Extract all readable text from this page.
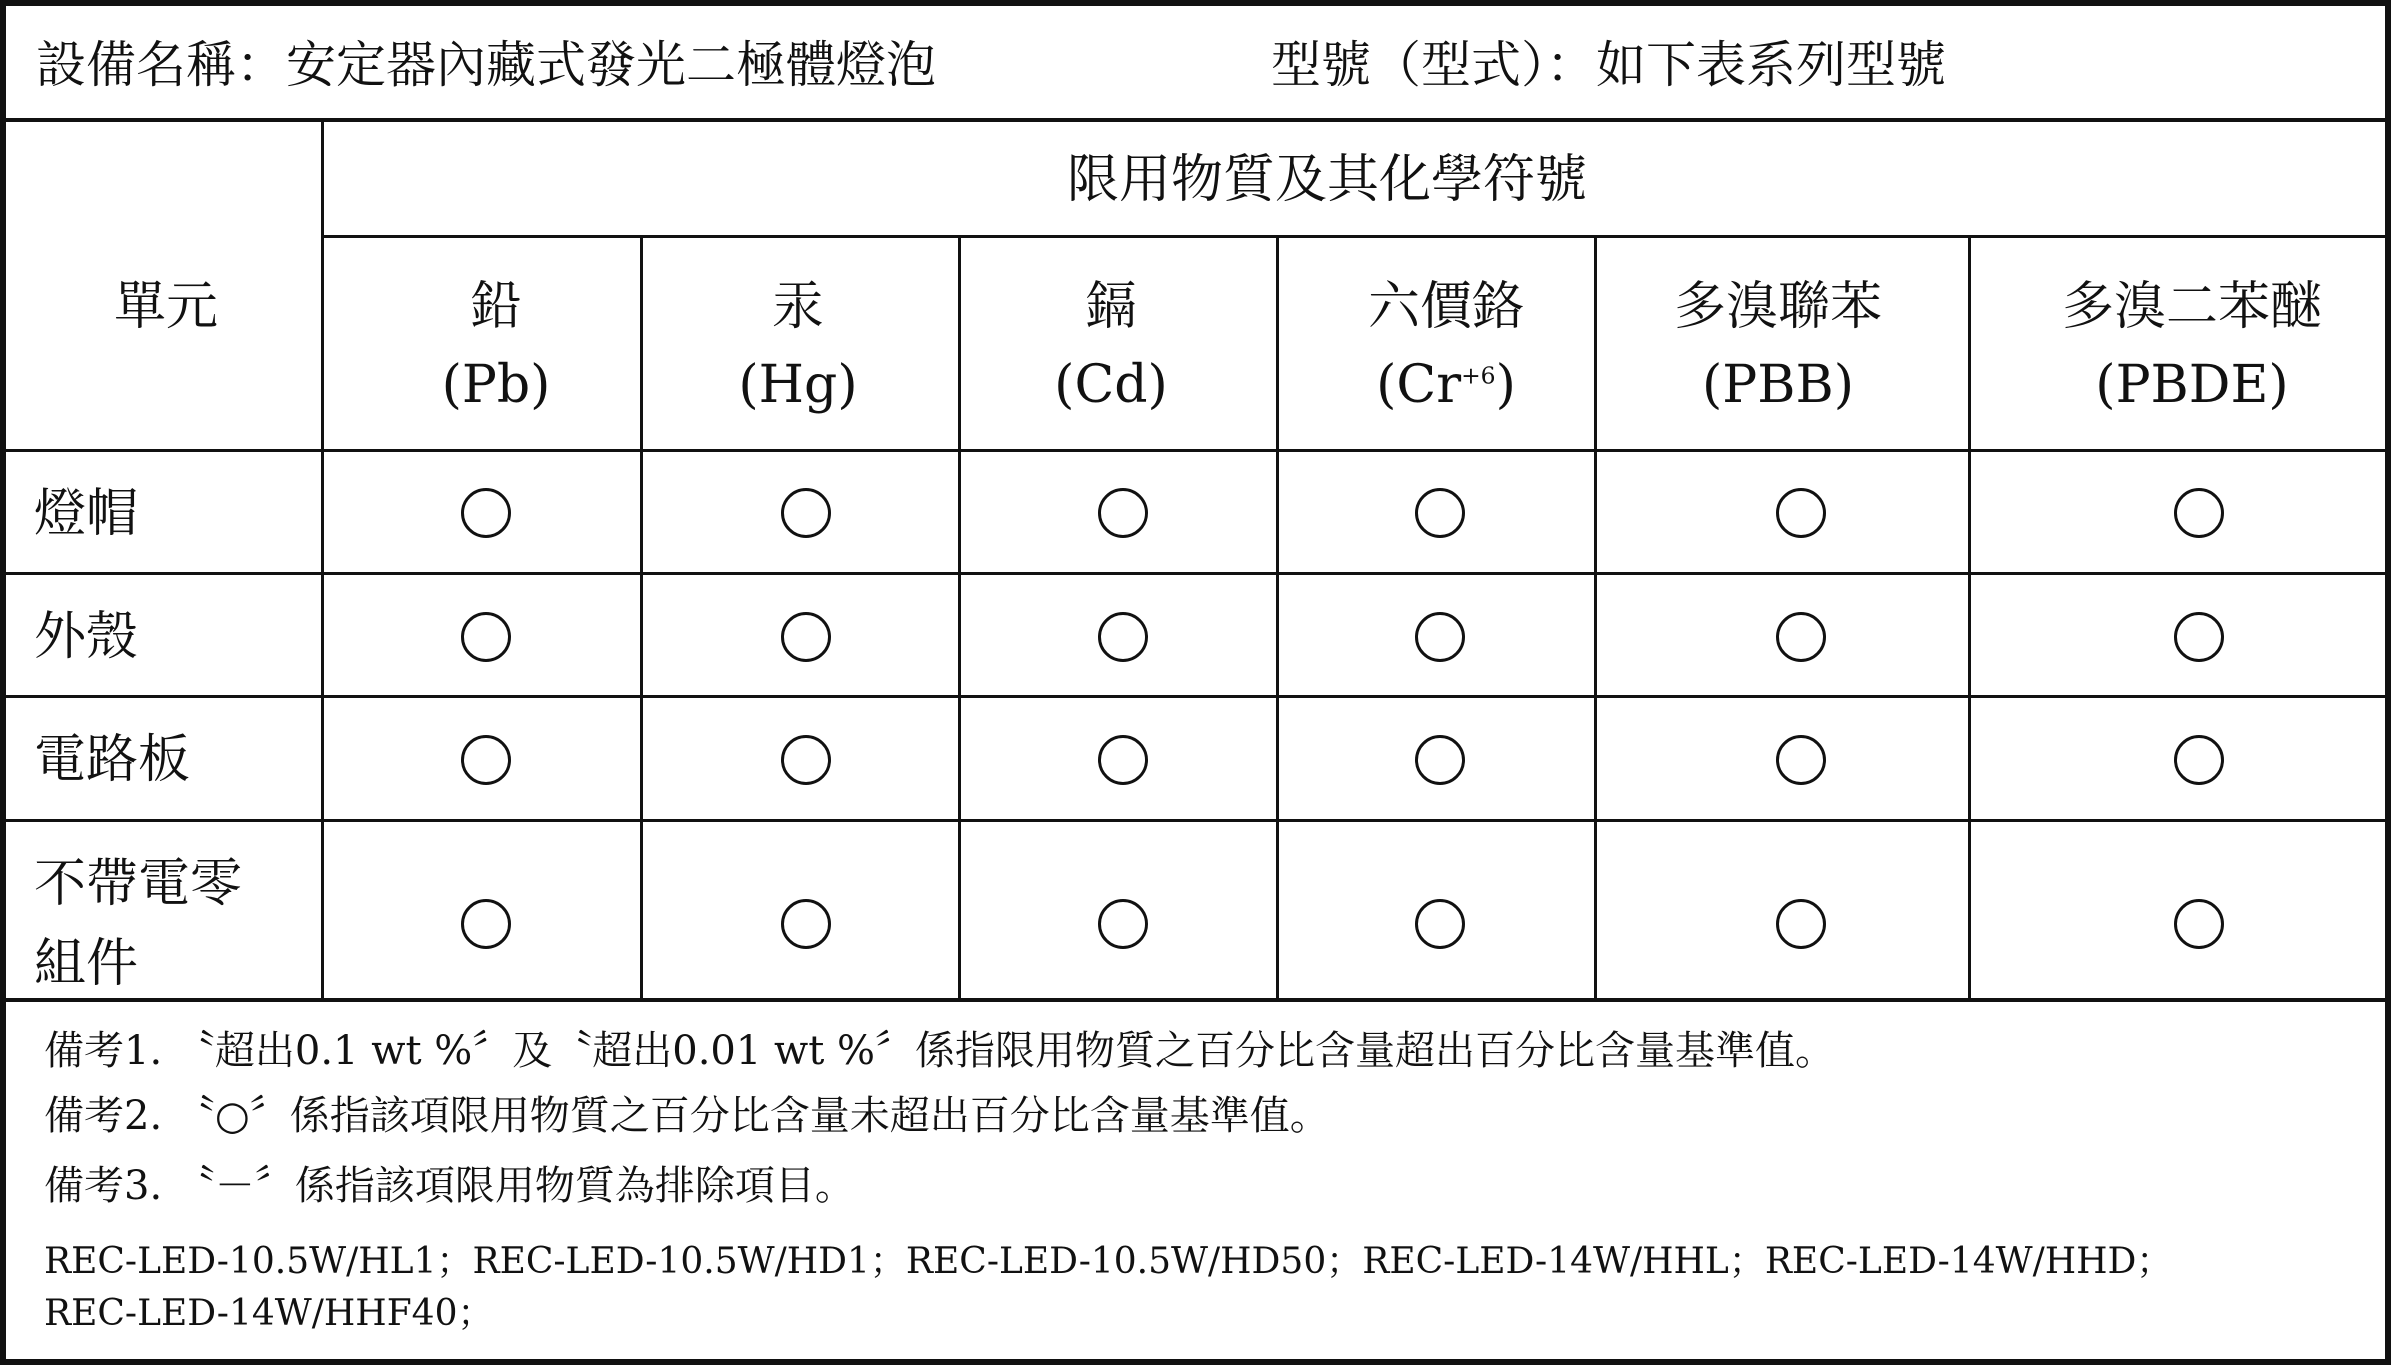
設備名稱：安定器內藏式發光二極體燈泡	型號（型式）：如下表系列型號
單元
限用物質及其化學符號
鉛
(Pb)
汞
(Hg)
鎘
(Cd)
六價鉻
$(Cr^{+6})$
多溴聯苯
(PBB)
多溴二苯醚
(PBDE)
燈帽
外殼
電路板
不帶電零
組件
備考1. 〝超出0.1 wt %〞及〝超出0.01 wt %〞係指限用物質之百分比含量超出百分比含量基準值。
備考2. 〝○〞係指該項限用物質之百分比含量未超出百分比含量基準值。
備考3. 〝－〞係指該項限用物質為排除項目。
REC-LED-10.5W/HL1；REC-LED-10.5W/HD1；REC-LED-10.5W/HD50；REC-LED-14W/HHL；REC-LED-14W/HHD；
REC-LED-14W/HHF40；
